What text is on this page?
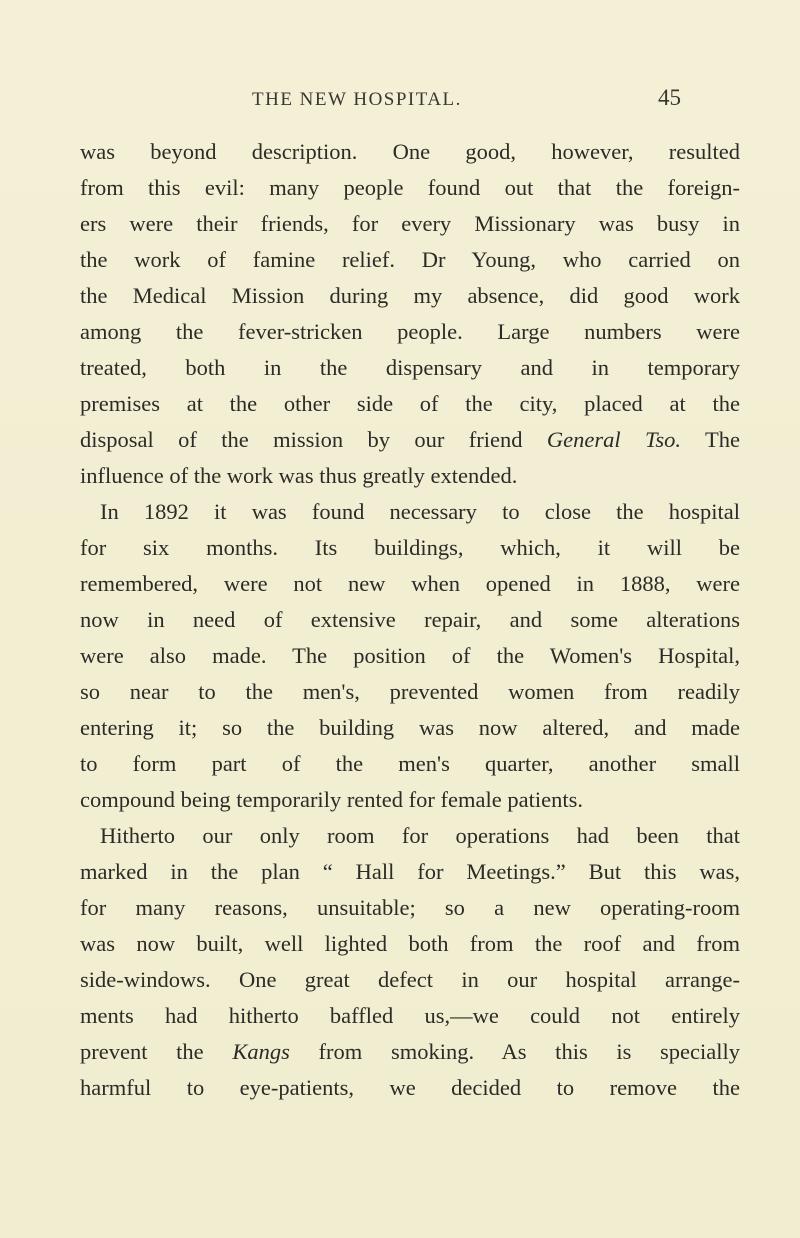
THE NEW HOSPITAL.	45
was beyond description. One good, however, resulted
from this evil: many people found out that the foreign-
ers were their friends, for every Missionary was busy in
the work of famine relief. Dr Young, who carried on
the Medical Mission during my absence, did good work
among the fever-stricken people. Large numbers were
treated, both in the dispensary and in temporary
premises at the other side of the city, placed at the
disposal of the mission by our friend General Tso. The
influence of the work was thus greatly extended.
In 1892 it was found necessary to close the hospital
for six months. Its buildings, which, it will be
remembered, were not new when opened in 1888, were
now in need of extensive repair, and some alterations
were also made. The position of the Women's Hospital,
so near to the men's, prevented women from readily
entering it; so the building was now altered, and made
to form part of the men's quarter, another small
compound being temporarily rented for female patients.
Hitherto our only room for operations had been that
marked in the plan “ Hall for Meetings.” But this was,
for many reasons, unsuitable; so a new operating-room
was now built, well lighted both from the roof and from
side-windows. One great defect in our hospital arrange-
ments had hitherto baffled us,—we could not entirely
prevent the Kangs from smoking. As this is specially
harmful to eye-patients, we decided to remove the
